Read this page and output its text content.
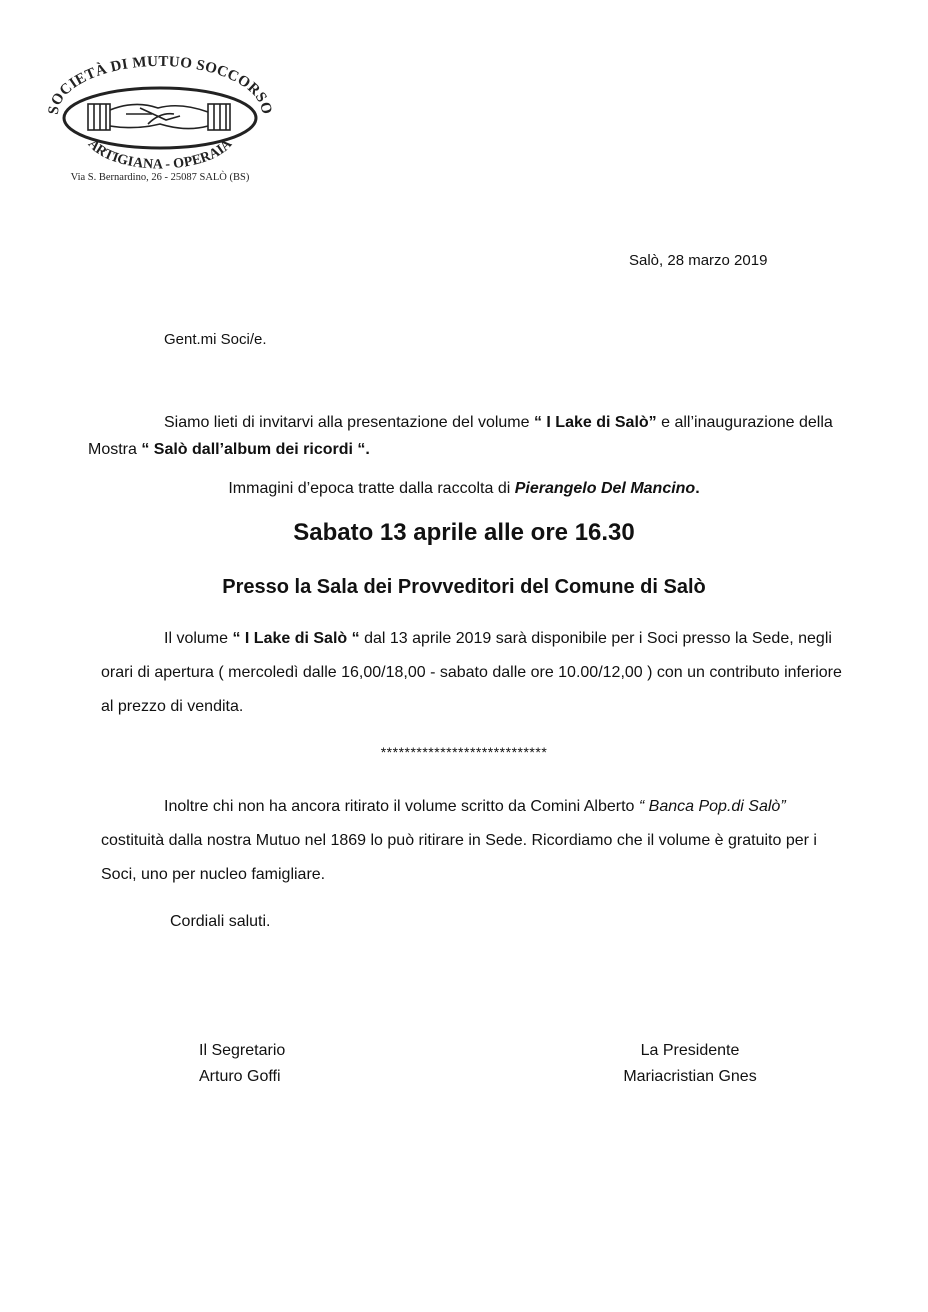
SOCIETÀ DI MUTUO SOCCORSO
ARTIGIANA - OPERAIA
Via S. Bernardino, 26 - 25087 SALÒ (BS)
Salò, 28 marzo 2019
Gent.mi Soci/e.
Siamo lieti di invitarvi alla presentazione del volume “ I Lake di Salò” e all’inaugurazione della Mostra “ Salò dall’album dei ricordi “.
Immagini d’epoca tratte dalla raccolta di Pierangelo Del Mancino.
Sabato 13 aprile alle ore 16.30
Presso la Sala dei Provveditori del Comune di Salò
Il volume “ I Lake di Salò “ dal 13 aprile 2019 sarà disponibile per i Soci presso la Sede, negli orari di apertura ( mercoledì dalle 16,00/18,00 - sabato dalle ore 10.00/12,00 ) con un contributo inferiore al prezzo di vendita.
****************************
Inoltre chi non ha ancora ritirato il volume scritto da Comini Alberto “ Banca Pop.di Salò” costituità dalla nostra Mutuo nel 1869 lo può ritirare in Sede. Ricordiamo che il volume è gratuito per i Soci, uno per nucleo famigliare.
Cordiali saluti.
Il Segretario
Arturo Goffi
La Presidente
Mariacristian Gnes
